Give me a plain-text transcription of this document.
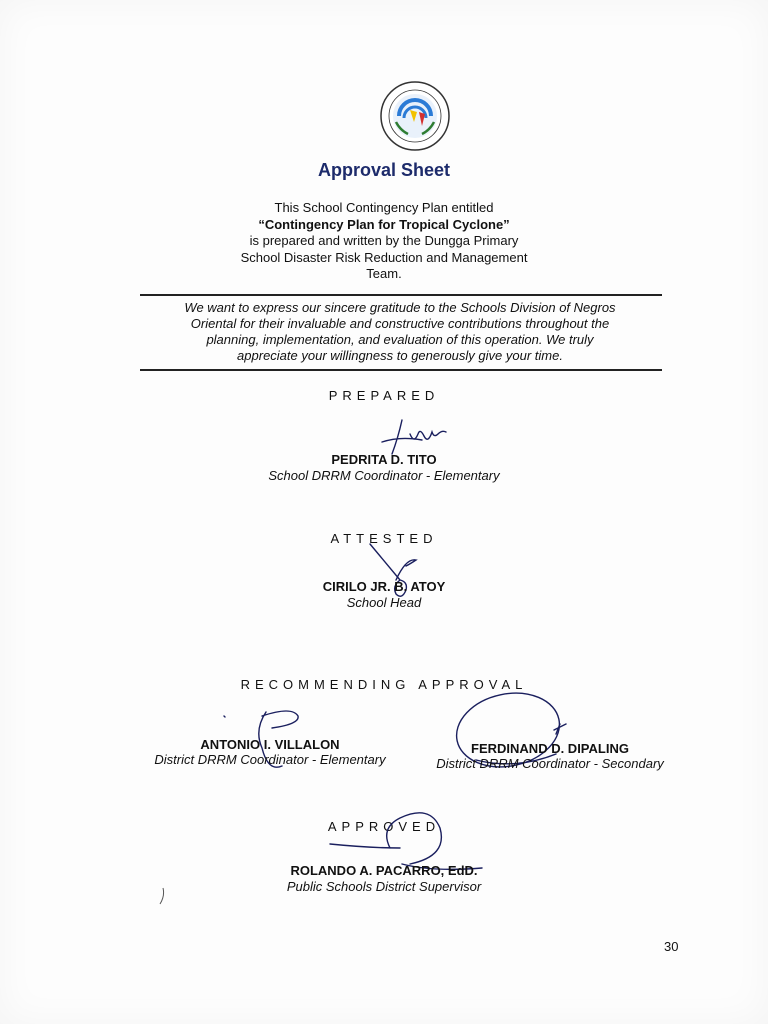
Approval Sheet
This School Contingency Plan entitled
“Contingency Plan for Tropical Cyclone”
is prepared and written by the Dungga Primary
School Disaster Risk Reduction and Management
Team.
We want to express our sincere gratitude to the Schools Division of Negros
Oriental for their invaluable and constructive contributions throughout the
planning, implementation, and evaluation of this operation. We truly
appreciate your willingness to generously give your time.
PREPARED
PEDRITA D. TITO
School DRRM Coordinator - Elementary
ATTESTED
CIRILO JR. B. ATOY
School Head
RECOMMENDING APPROVAL
ANTONIO I. VILLALON
District DRRM Coordinator - Elementary
FERDINAND D. DIPALING
District DRRM Coordinator - Secondary
APPROVED
ROLANDO A. PACARRO, EdD.
Public Schools District Supervisor
30
